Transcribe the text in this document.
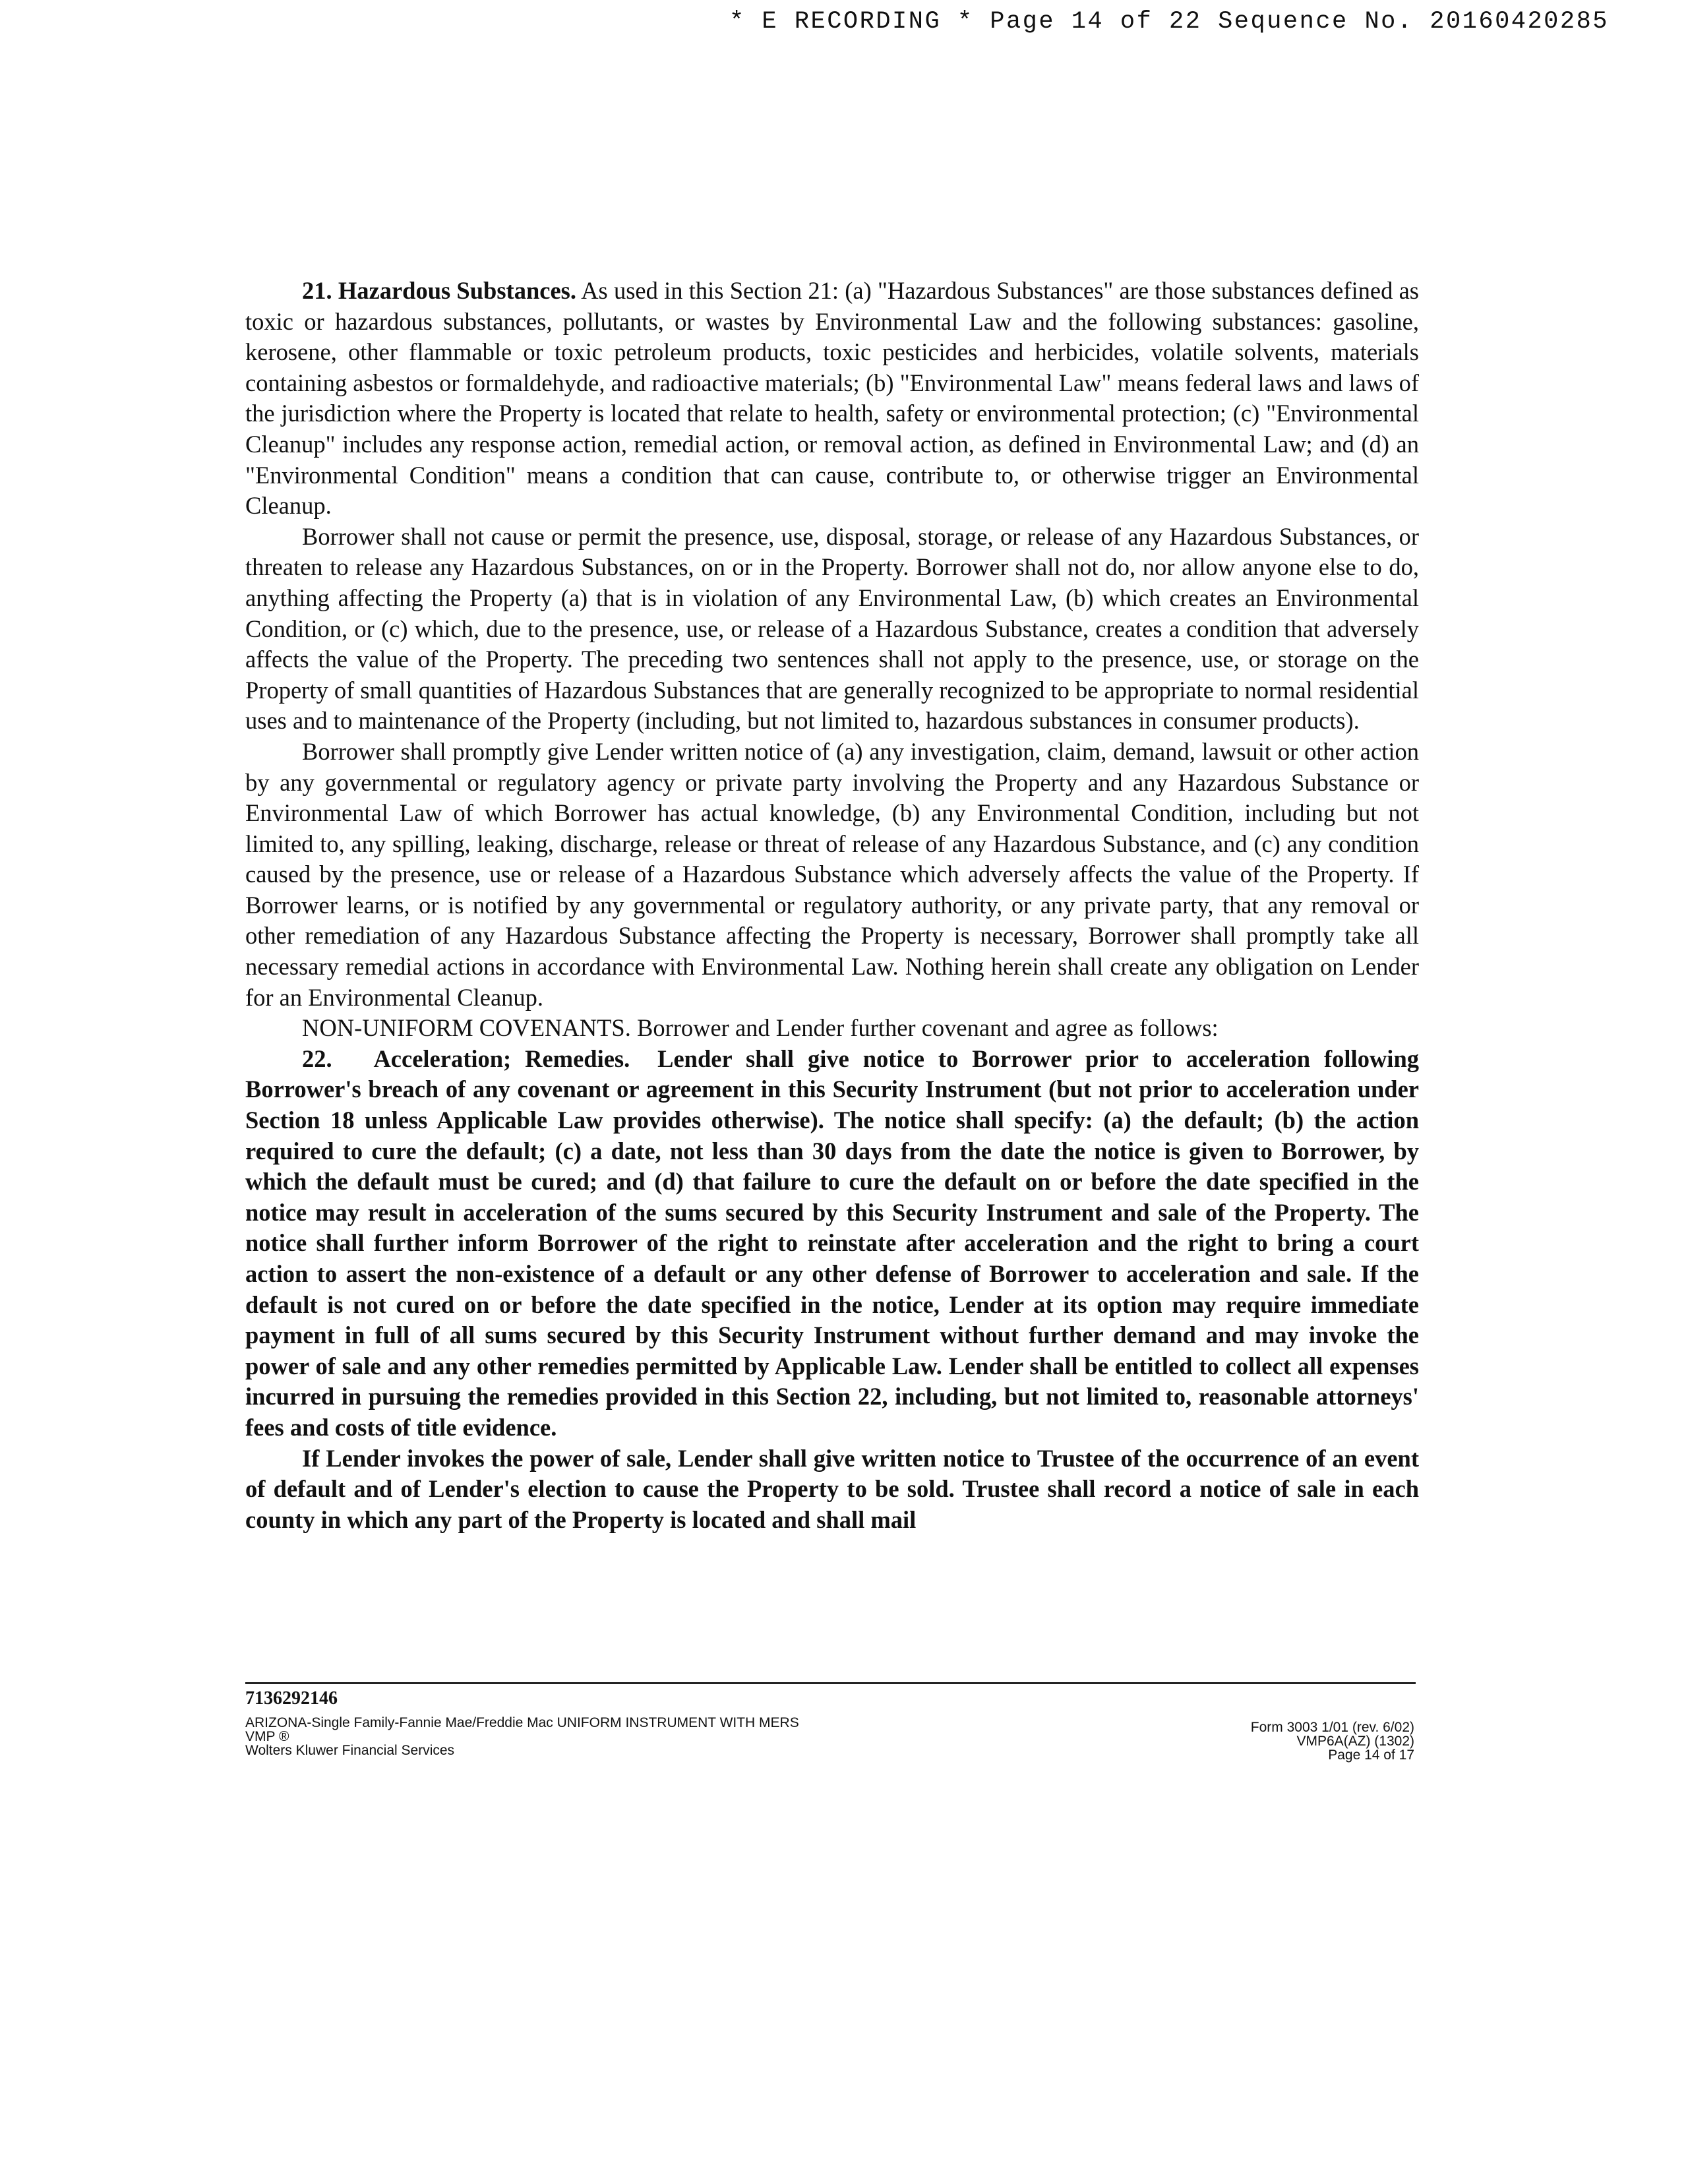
* E RECORDING * Page 14 of 22 Sequence No. 20160420285

21. Hazardous Substances. As used in this Section 21: (a) "Hazardous Substances" are those substances defined as toxic or hazardous substances, pollutants, or wastes by Environmental Law and the following substances: gasoline, kerosene, other flammable or toxic petroleum products, toxic pesticides and herbicides, volatile solvents, materials containing asbestos or formaldehyde, and radioactive materials; (b) "Environmental Law" means federal laws and laws of the jurisdiction where the Property is located that relate to health, safety or environmental protection; (c) "Environmental Cleanup" includes any response action, remedial action, or removal action, as defined in Environmental Law; and (d) an "Environmental Condition" means a condition that can cause, contribute to, or otherwise trigger an Environmental Cleanup.

Borrower shall not cause or permit the presence, use, disposal, storage, or release of any Hazardous Substances, or threaten to release any Hazardous Substances, on or in the Property. Borrower shall not do, nor allow anyone else to do, anything affecting the Property (a) that is in violation of any Environmental Law, (b) which creates an Environmental Condition, or (c) which, due to the presence, use, or release of a Hazardous Substance, creates a condition that adversely affects the value of the Property. The preceding two sentences shall not apply to the presence, use, or storage on the Property of small quantities of Hazardous Substances that are generally recognized to be appropriate to normal residential uses and to maintenance of the Property (including, but not limited to, hazardous substances in consumer products).

Borrower shall promptly give Lender written notice of (a) any investigation, claim, demand, lawsuit or other action by any governmental or regulatory agency or private party involving the Property and any Hazardous Substance or Environmental Law of which Borrower has actual knowledge, (b) any Environmental Condition, including but not limited to, any spilling, leaking, discharge, release or threat of release of any Hazardous Substance, and (c) any condition caused by the presence, use or release of a Hazardous Substance which adversely affects the value of the Property. If Borrower learns, or is notified by any governmental or regulatory authority, or any private party, that any removal or other remediation of any Hazardous Substance affecting the Property is necessary, Borrower shall promptly take all necessary remedial actions in accordance with Environmental Law. Nothing herein shall create any obligation on Lender for an Environmental Cleanup.

NON-UNIFORM COVENANTS. Borrower and Lender further covenant and agree as follows:

22. Acceleration; Remedies. Lender shall give notice to Borrower prior to acceleration following Borrower's breach of any covenant or agreement in this Security Instrument (but not prior to acceleration under Section 18 unless Applicable Law provides otherwise). The notice shall specify: (a) the default; (b) the action required to cure the default; (c) a date, not less than 30 days from the date the notice is given to Borrower, by which the default must be cured; and (d) that failure to cure the default on or before the date specified in the notice may result in acceleration of the sums secured by this Security Instrument and sale of the Property. The notice shall further inform Borrower of the right to reinstate after acceleration and the right to bring a court action to assert the non-existence of a default or any other defense of Borrower to acceleration and sale. If the default is not cured on or before the date specified in the notice, Lender at its option may require immediate payment in full of all sums secured by this Security Instrument without further demand and may invoke the power of sale and any other remedies permitted by Applicable Law. Lender shall be entitled to collect all expenses incurred in pursuing the remedies provided in this Section 22, including, but not limited to, reasonable attorneys' fees and costs of title evidence.

If Lender invokes the power of sale, Lender shall give written notice to Trustee of the occurrence of an event of default and of Lender's election to cause the Property to be sold. Trustee shall record a notice of sale in each county in which any part of the Property is located and shall mail

7136292146
ARIZONA-Single Family-Fannie Mae/Freddie Mac UNIFORM INSTRUMENT WITH MERS
VMP ®
Wolters Kluwer Financial Services
Form 3003 1/01 (rev. 6/02)
VMP6A(AZ) (1302)
Page 14 of 17
